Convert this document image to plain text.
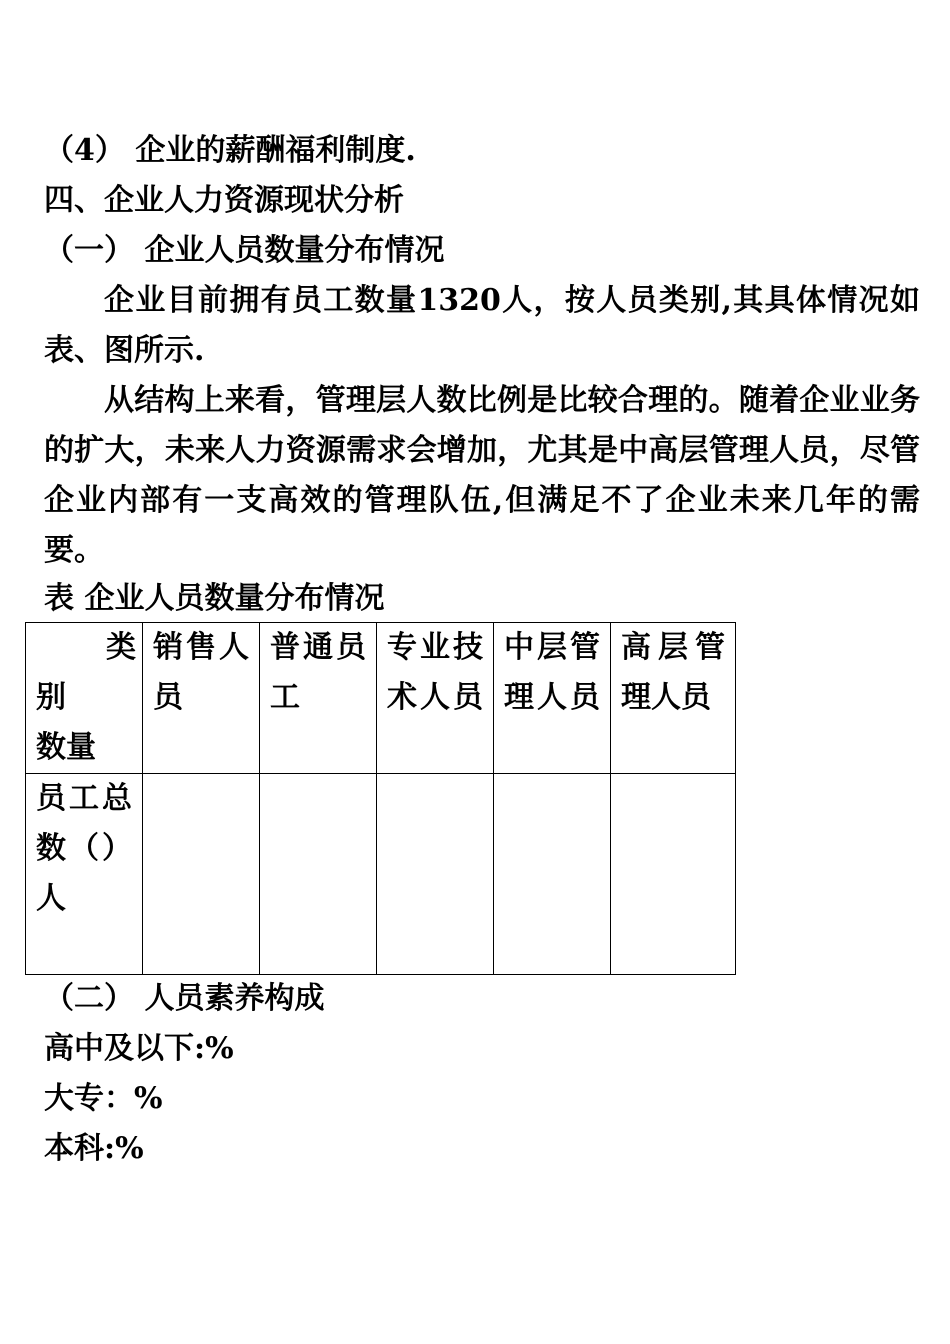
（4） 企业的薪酬福利制度.
四、企业人力资源现状分析
（一） 企业人员数量分布情况
企业目前拥有员工数量1320人，按人员类别,其具体情况如表、图所示.
从结构上来看，管理层人数比例是比较合理的。随着企业业务的扩大，未来人力资源需求会增加，尤其是中高层管理人员，尽管企业内部有一支高效的管理队伍,但满足不了企业未来几年的需要。
表 企业人员数量分布情况
类
别
数量	销售人员	普通员工	专业技术人员	中层管理人员	高层管理人员
员工总数（）人					
（二） 人员素养构成
高中及以下:%
大专：%
本科:%
